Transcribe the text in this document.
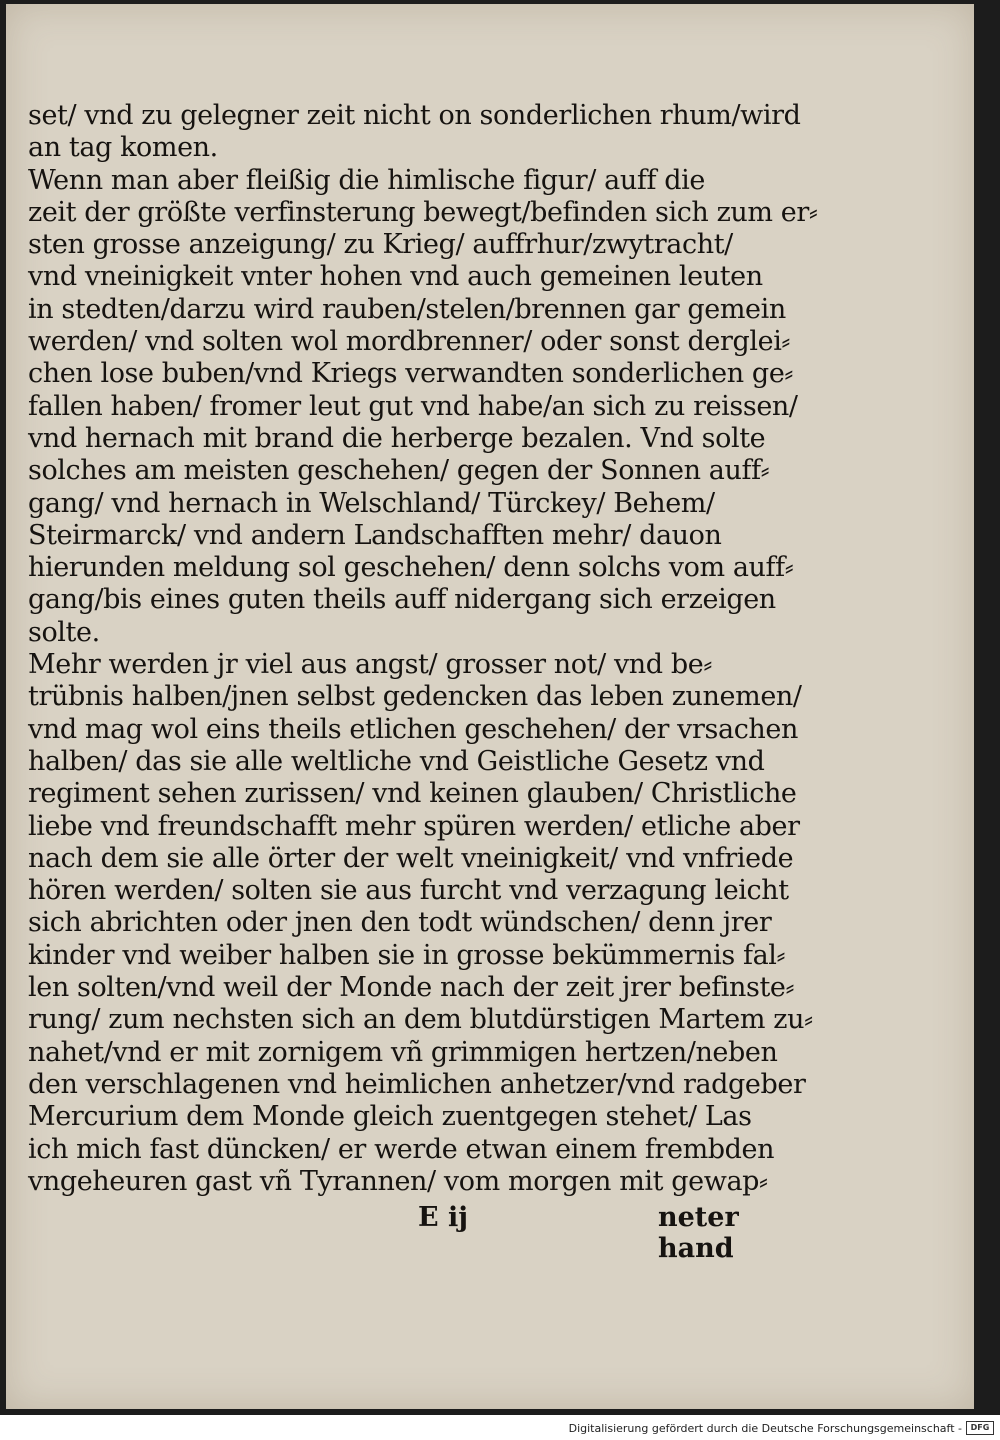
set/ vnd zu gelegner zeit nicht on sonderlichen rhum/wird
an tag komen.
Wenn man aber fleißig die himlische figur/ auff die
zeit der größte verfinsterung bewegt/befinden sich zum er⸗
sten grosse anzeigung/ zu Krieg/ auffrhur/zwytracht/
vnd vneinigkeit vnter hohen vnd auch gemeinen leuten
in stedten/darzu wird rauben/stelen/brennen gar gemein
werden/ vnd solten wol mordbrenner/ oder sonst derglei⸗
chen lose buben/vnd Kriegs verwandten sonderlichen ge⸗
fallen haben/ fromer leut gut vnd habe/an sich zu reissen/
vnd hernach mit brand die herberge bezalen. Vnd solte
solches am meisten geschehen/ gegen der Sonnen auff⸗
gang/ vnd hernach in Welschland/ Türckey/ Behem/
Steirmarck/ vnd andern Landschafften mehr/ dauon
hierunden meldung sol geschehen/ denn solchs vom auff⸗
gang/bis eines guten theils auff nidergang sich erzeigen
solte.
Mehr werden jr viel aus angst/ grosser not/ vnd be⸗
trübnis halben/jnen selbst gedencken das leben zunemen/
vnd mag wol eins theils etlichen geschehen/ der vrsachen
halben/ das sie alle weltliche vnd Geistliche Gesetz vnd
regiment sehen zurissen/ vnd keinen glauben/ Christliche
liebe vnd freundschafft mehr spüren werden/ etliche aber
nach dem sie alle örter der welt vneinigkeit/ vnd vnfriede
hören werden/ solten sie aus furcht vnd verzagung leicht
sich abrichten oder jnen den todt wündschen/ denn jrer
kinder vnd weiber halben sie in grosse bekümmernis fal⸗
len solten/vnd weil der Monde nach der zeit jrer befinste⸗
rung/ zum nechsten sich an dem blutdürstigen Martem zu⸗
nahet/vnd er mit zornigem vñ grimmigen hertzen/neben
den verschlagenen vnd heimlichen anhetzer/vnd radgeber
Mercurium dem Monde gleich zuentgegen stehet/ Las
ich mich fast düncken/ er werde etwan einem frembden
vngeheuren gast vñ Tyrannen/ vom morgen mit gewap⸗
E ij	neter hand
Digitalisierung gefördert durch die Deutsche Forschungsgemeinschaft -	DFG
